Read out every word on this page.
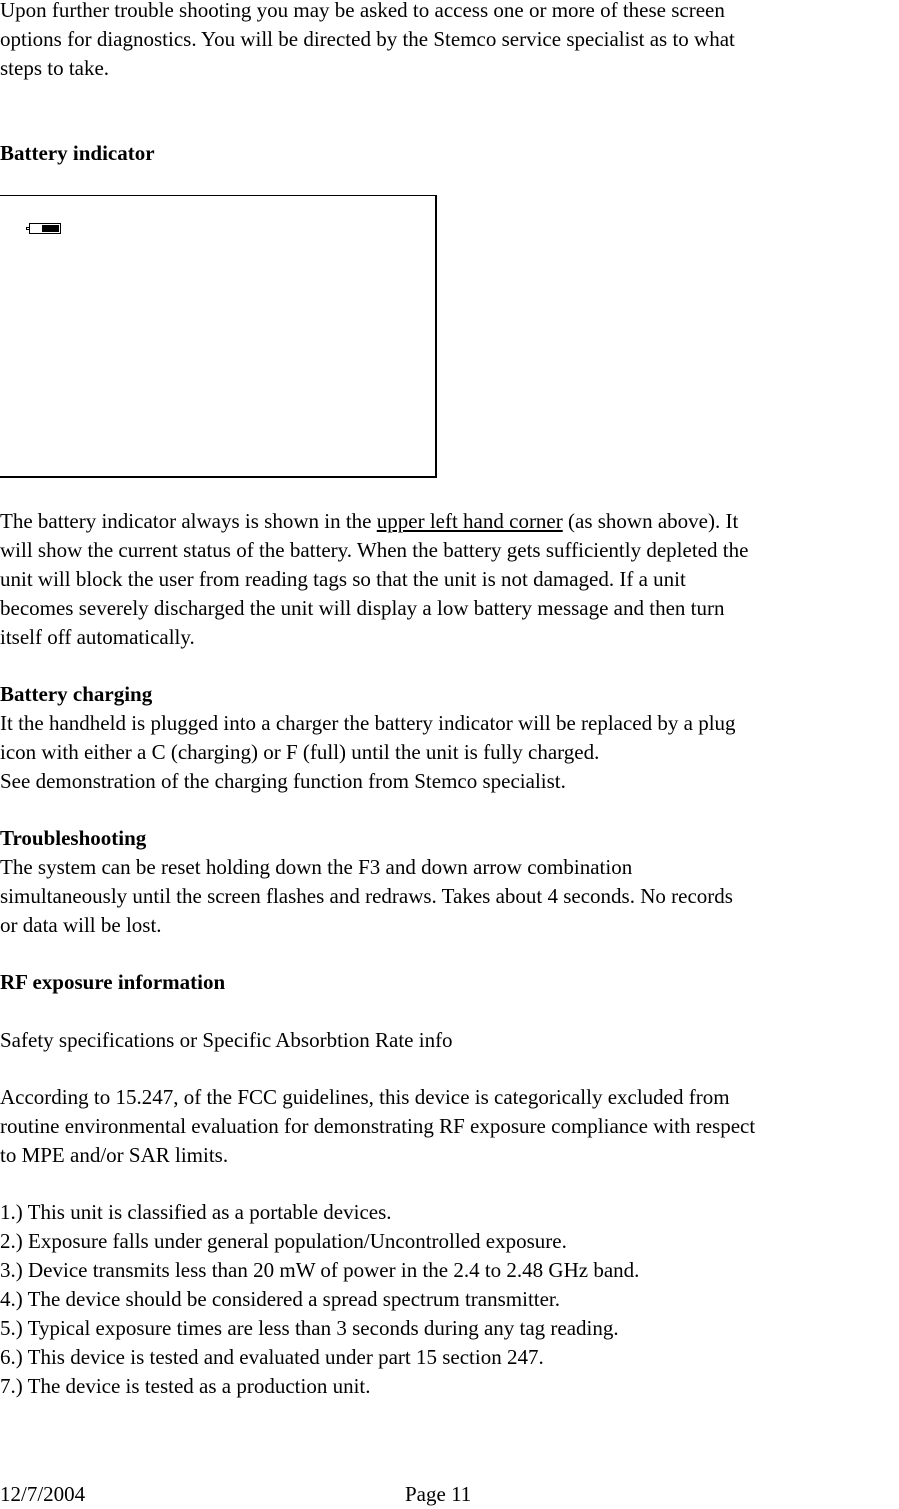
Upon further trouble shooting you may be asked to access one or more of these screen
options for diagnostics. You will be directed by the Stemco service specialist as to what
steps to take.
Battery indicator
The battery indicator always is shown in the upper left hand corner (as shown above). It
will show the current status of the battery. When the battery gets sufficiently depleted the
unit will block the user from reading tags so that the unit is not damaged. If a unit
becomes severely discharged the unit will display a low battery message and then turn
itself off automatically.
Battery charging
It the handheld is plugged into a charger the battery indicator will be replaced by a plug
icon with either a C (charging) or F (full) until the unit is fully charged.
See demonstration of the charging function from Stemco specialist.
Troubleshooting
The system can be reset holding down the F3 and down arrow combination
simultaneously until the screen flashes and redraws. Takes about 4 seconds. No records
or data will be lost.
RF exposure information
Safety specifications or Specific Absorbtion Rate info
According to 15.247, of the FCC guidelines, this device is categorically excluded from
routine environmental evaluation for demonstrating RF exposure compliance with respect
to MPE and/or SAR limits.
1.) This unit is classified as a portable devices.
2.) Exposure falls under general population/Uncontrolled exposure.
3.) Device transmits less than 20 mW of power in the 2.4 to 2.48 GHz band.
4.) The device should be considered a spread spectrum transmitter.
5.) Typical exposure times are less than 3 seconds during any tag reading.
6.) This device is tested and evaluated under part 15 section 247.
7.) The device is tested as a production unit.
12/7/2004	Page 11
